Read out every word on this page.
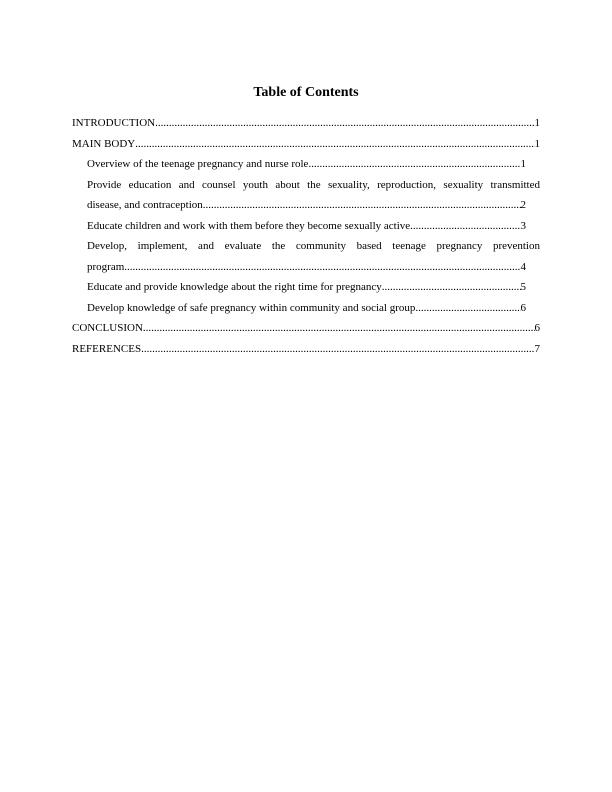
Table of Contents
INTRODUCTION .....	1
MAIN BODY .....	1
Overview of the teenage pregnancy and nurse role .....	1
Provide education and counsel youth about the sexuality, reproduction, sexuality transmitted
disease, and contraception .....	2
Educate children and work with them before they become sexually active .....	3
Develop, implement, and evaluate the community based teenage pregnancy prevention
program .....	4
Educate and provide knowledge about the right time for pregnancy .....	5
Develop knowledge of safe pregnancy within community and social group .....	6
CONCLUSION .....	6
REFERENCES .....	7
